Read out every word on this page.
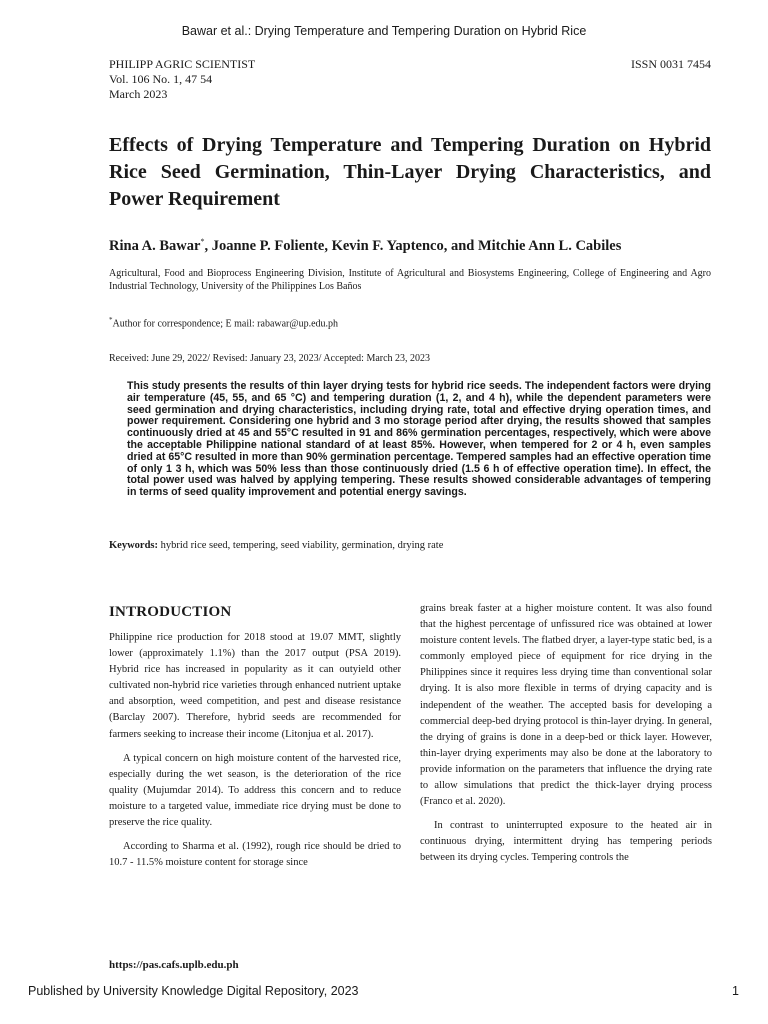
Bawar et al.: Drying Temperature and Tempering Duration on Hybrid Rice
PHILIPP AGRIC SCIENTIST
Vol. 106 No. 1, 47 54
March 2023
ISSN 0031 7454
Effects of Drying Temperature and Tempering Duration on Hybrid Rice Seed Germination, Thin-Layer Drying Characteristics, and Power Requirement
Rina A. Bawar*, Joanne P. Foliente, Kevin F. Yaptenco, and Mitchie Ann L. Cabiles
Agricultural, Food and Bioprocess Engineering Division, Institute of Agricultural and Biosystems Engineering, College of Engineering and Agro Industrial Technology, University of the Philippines Los Baños
*Author for correspondence; E mail: rabawar@up.edu.ph
Received: June 29, 2022/ Revised: January 23, 2023/ Accepted: March 23, 2023
This study presents the results of thin layer drying tests for hybrid rice seeds. The independent factors were drying air temperature (45, 55, and 65 °C) and tempering duration (1, 2, and 4 h), while the dependent parameters were seed germination and drying characteristics, including drying rate, total and effective drying operation times, and power requirement. Considering one hybrid and 3 mo storage period after drying, the results showed that samples continuously dried at 45 and 55°C resulted in 91 and 86% germination percentages, respectively, which were above the acceptable Philippine national standard of at least 85%. However, when tempered for 2 or 4 h, even samples dried at 65°C resulted in more than 90% germination percentage. Tempered samples had an effective operation time of only 1 3 h, which was 50% less than those continuously dried (1.5 6 h of effective operation time). In effect, the total power used was halved by applying tempering. These results showed considerable advantages of tempering in terms of seed quality improvement and potential energy savings.
Keywords: hybrid rice seed, tempering, seed viability, germination, drying rate
INTRODUCTION

Philippine rice production for 2018 stood at 19.07 MMT, slightly lower (approximately 1.1%) than the 2017 output (PSA 2019). Hybrid rice has increased in popularity as it can outyield other cultivated non-hybrid rice varieties through enhanced nutrient uptake and absorption, weed competition, and pest and disease resistance (Barclay 2007). Therefore, hybrid seeds are recommended for farmers seeking to increase their income (Litonjua et al. 2017).

A typical concern on high moisture content of the harvested rice, especially during the wet season, is the deterioration of the rice quality (Mujumdar 2014). To address this concern and to reduce moisture to a targeted value, immediate rice drying must be done to preserve the rice quality.

According to Sharma et al. (1992), rough rice should be dried to 10.7 - 11.5% moisture content for storage since

grains break faster at a higher moisture content. It was also found that the highest percentage of unfissured rice was obtained at lower moisture content levels. The flatbed dryer, a layer-type static bed, is a commonly employed piece of equipment for rice drying in the Philippines since it requires less drying time than conventional solar drying. It is also more flexible in terms of drying capacity and is independent of the weather. The accepted basis for developing a commercial deep-bed drying protocol is thin-layer drying. In general, the drying of grains is done in a deep-bed or thick layer. However, thin-layer drying experiments may also be done at the laboratory to provide information on the parameters that influence the drying rate to allow simulations that predict the thick-layer drying process (Franco et al. 2020).

In contrast to uninterrupted exposure to the heated air in continuous drying, intermittent drying has tempering periods between its drying cycles. Tempering controls the

https://pas.cafs.uplb.edu.ph
Published by University Knowledge Digital Repository, 2023	1
